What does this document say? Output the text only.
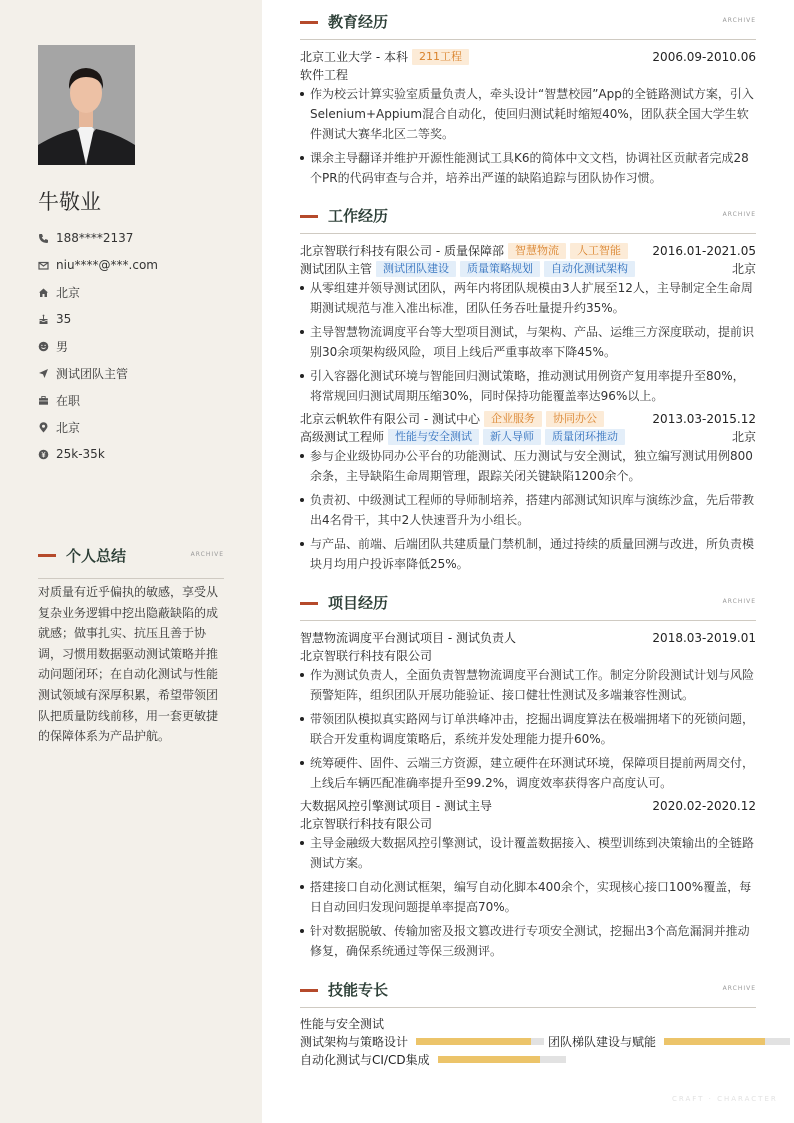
牛敬业
188****2137
niu****@***.com
北京
35
男
测试团队主管
在职
北京
25k-35k
个人总结	ARCHIVE
对质量有近乎偏执的敏感，享受从复杂业务逻辑中挖出隐蔽缺陷的成就感；做事扎实、抗压且善于协调，习惯用数据驱动测试策略并推动问题闭环；在自动化测试与性能测试领域有深厚积累，希望带领团队把质量防线前移，用一套更敏捷的保障体系为产品护航。
教育经历	ARCHIVE
北京工业大学 - 本科	211工程	2006.09-2010.06
软件工程
作为校云计算实验室质量负责人，牵头设计“智慧校园”App的全链路测试方案，引入Selenium+Appium混合自动化，使回归测试耗时缩短40%，团队获全国大学生软件测试大赛华北区二等奖。
课余主导翻译并维护开源性能测试工具K6的简体中文文档，协调社区贡献者完成28个PR的代码审查与合并，培养出严谨的缺陷追踪与团队协作习惯。
工作经历	ARCHIVE
北京智联行科技有限公司 - 质量保障部	智慧物流	人工智能	2016.01-2021.05
测试团队主管	测试团队建设	质量策略规划	自动化测试架构	北京
从零组建并领导测试团队，两年内将团队规模由3人扩展至12人，主导制定全生命周期测试规范与准入准出标准，团队任务吞吐量提升约35%。
主导智慧物流调度平台等大型项目测试，与架构、产品、运维三方深度联动，提前识别30余项架构级风险，项目上线后严重事故率下降45%。
引入容器化测试环境与智能回归测试策略，推动测试用例资产复用率提升至80%，将常规回归测试周期压缩30%，同时保持功能覆盖率达96%以上。
北京云帆软件有限公司 - 测试中心	企业服务	协同办公	2013.03-2015.12
高级测试工程师	性能与安全测试	新人导师	质量闭环推动	北京
参与企业级协同办公平台的功能测试、压力测试与安全测试，独立编写测试用例800余条，主导缺陷生命周期管理，跟踪关闭关键缺陷1200余个。
负责初、中级测试工程师的导师制培养，搭建内部测试知识库与演练沙盒，先后带教出4名骨干，其中2人快速晋升为小组长。
与产品、前端、后端团队共建质量门禁机制，通过持续的质量回溯与改进，所负责模块月均用户投诉率降低25%。
项目经历	ARCHIVE
智慧物流调度平台测试项目 - 测试负责人	2018.03-2019.01
北京智联行科技有限公司
作为测试负责人，全面负责智慧物流调度平台测试工作。制定分阶段测试计划与风险预警矩阵，组织团队开展功能验证、接口健壮性测试及多端兼容性测试。
带领团队模拟真实路网与订单洪峰冲击，挖掘出调度算法在极端拥堵下的死锁问题，联合开发重构调度策略后，系统并发处理能力提升60%。
统筹硬件、固件、云端三方资源，建立硬件在环测试环境，保障项目提前两周交付，上线后车辆匹配准确率提升至99.2%，调度效率获得客户高度认可。
大数据风控引擎测试项目 - 测试主导	2020.02-2020.12
北京智联行科技有限公司
主导金融级大数据风控引擎测试，设计覆盖数据接入、模型训练到决策输出的全链路测试方案。
搭建接口自动化测试框架，编写自动化脚本400余个，实现核心接口100%覆盖，每日自动回归发现问题提单率提高70%。
针对数据脱敏、传输加密及报文篡改进行专项安全测试，挖掘出3个高危漏洞并推动修复，确保系统通过等保三级测评。
技能专长	ARCHIVE
性能与安全测试
测试架构与策略设计	团队梯队建设与赋能
自动化测试与CI/CD集成
CRAFT · CHARACTER
